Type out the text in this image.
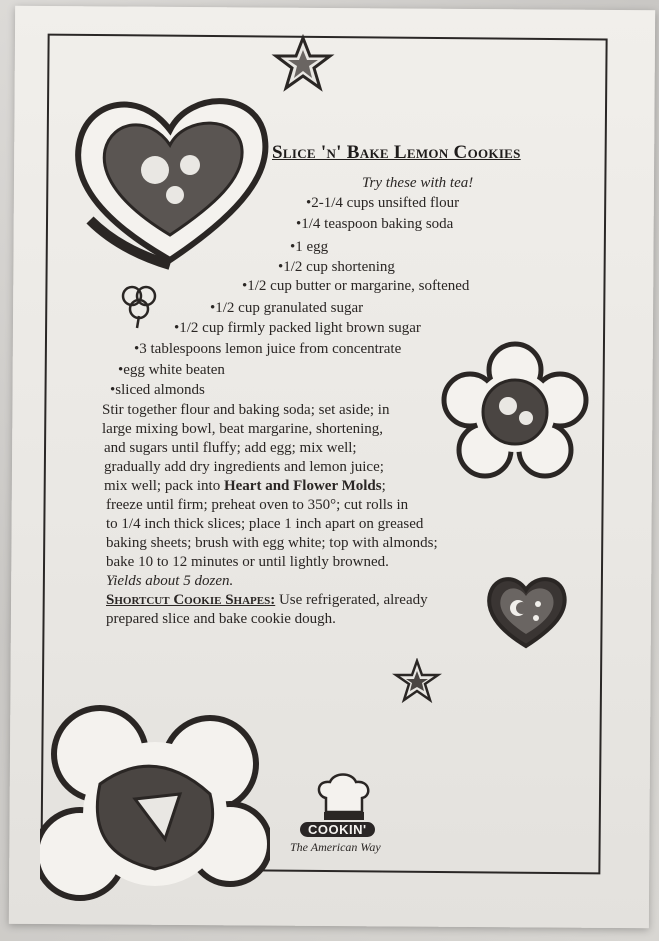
Slice 'n' Bake Lemon Cookies
Try these with tea!
• 2-1/4 cups unsifted flour
• 1/4 teaspoon baking soda
• 1 egg
• 1/2 cup shortening
• 1/2 cup butter or margarine, softened
• 1/2 cup granulated sugar
• 1/2 cup firmly packed light brown sugar
• 3 tablespoons lemon juice from concentrate
• egg white beaten
• sliced almonds
Stir together flour and baking soda; set aside; in
large mixing bowl, beat margarine, shortening,
and sugars until fluffy; add egg; mix well;
gradually add dry ingredients and lemon juice;
mix well; pack into Heart and Flower Molds;
freeze until firm; preheat oven to 350°; cut rolls in
to 1/4 inch thick slices; place 1 inch apart on greased
baking sheets; brush with egg white; top with almonds;
bake 10 to 12 minutes or until lightly browned.
Yields about 5 dozen.
Shortcut Cookie Shapes: Use refrigerated, already
prepared slice and bake cookie dough.
COOKIN'
The American Way
